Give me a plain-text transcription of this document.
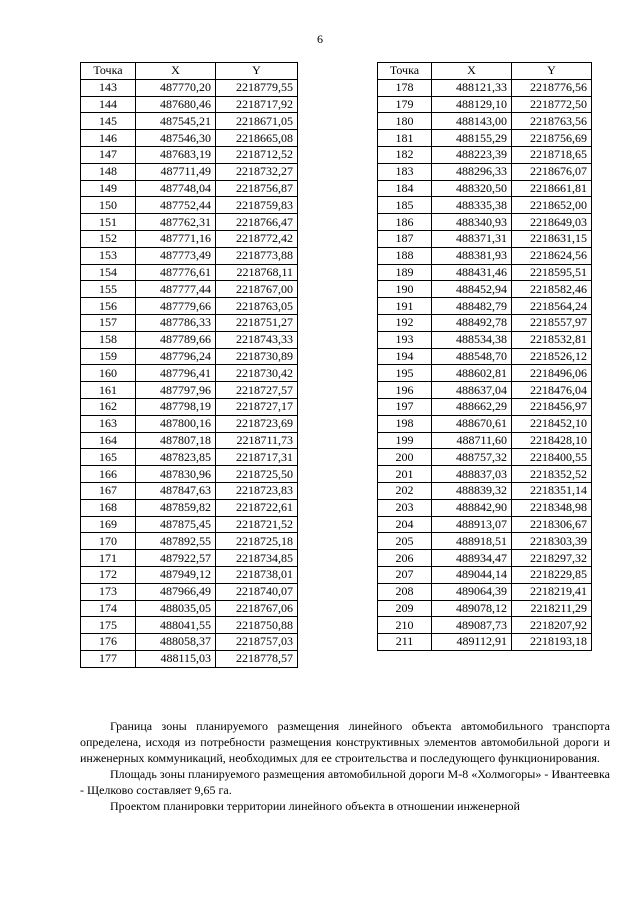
6
Точка	X	Y
143	487770,20	2218779,55
144	487680,46	2218717,92
145	487545,21	2218671,05
146	487546,30	2218665,08
147	487683,19	2218712,52
148	487711,49	2218732,27
149	487748,04	2218756,87
150	487752,44	2218759,83
151	487762,31	2218766,47
152	487771,16	2218772,42
153	487773,49	2218773,88
154	487776,61	2218768,11
155	487777,44	2218767,00
156	487779,66	2218763,05
157	487786,33	2218751,27
158	487789,66	2218743,33
159	487796,24	2218730,89
160	487796,41	2218730,42
161	487797,96	2218727,57
162	487798,19	2218727,17
163	487800,16	2218723,69
164	487807,18	2218711,73
165	487823,85	2218717,31
166	487830,96	2218725,50
167	487847,63	2218723,83
168	487859,82	2218722,61
169	487875,45	2218721,52
170	487892,55	2218725,18
171	487922,57	2218734,85
172	487949,12	2218738,01
173	487966,49	2218740,07
174	488035,05	2218767,06
175	488041,55	2218750,88
176	488058,37	2218757,03
177	488115,03	2218778,57
Точка	X	Y
178	488121,33	2218776,56
179	488129,10	2218772,50
180	488143,00	2218763,56
181	488155,29	2218756,69
182	488223,39	2218718,65
183	488296,33	2218676,07
184	488320,50	2218661,81
185	488335,38	2218652,00
186	488340,93	2218649,03
187	488371,31	2218631,15
188	488381,93	2218624,56
189	488431,46	2218595,51
190	488452,94	2218582,46
191	488482,79	2218564,24
192	488492,78	2218557,97
193	488534,38	2218532,81
194	488548,70	2218526,12
195	488602,81	2218496,06
196	488637,04	2218476,04
197	488662,29	2218456,97
198	488670,61	2218452,10
199	488711,60	2218428,10
200	488757,32	2218400,55
201	488837,03	2218352,52
202	488839,32	2218351,14
203	488842,90	2218348,98
204	488913,07	2218306,67
205	488918,51	2218303,39
206	488934,47	2218297,32
207	489044,14	2218229,85
208	489064,39	2218219,41
209	489078,12	2218211,29
210	489087,73	2218207,92
211	489112,91	2218193,18

Граница зоны планируемого размещения линейного объекта автомобильного транспорта определена, исходя из потребности размещения конструктивных элементов автомобильной дороги и инженерных коммуникаций, необходимых для ее строительства и последующего функционирования.

Площадь зоны планируемого размещения автомобильной дороги М-8 «Холмогоры» - Ивантеевка - Щелково составляет 9,65 га.

Проектом планировки территории линейного объекта в отношении инженерной
